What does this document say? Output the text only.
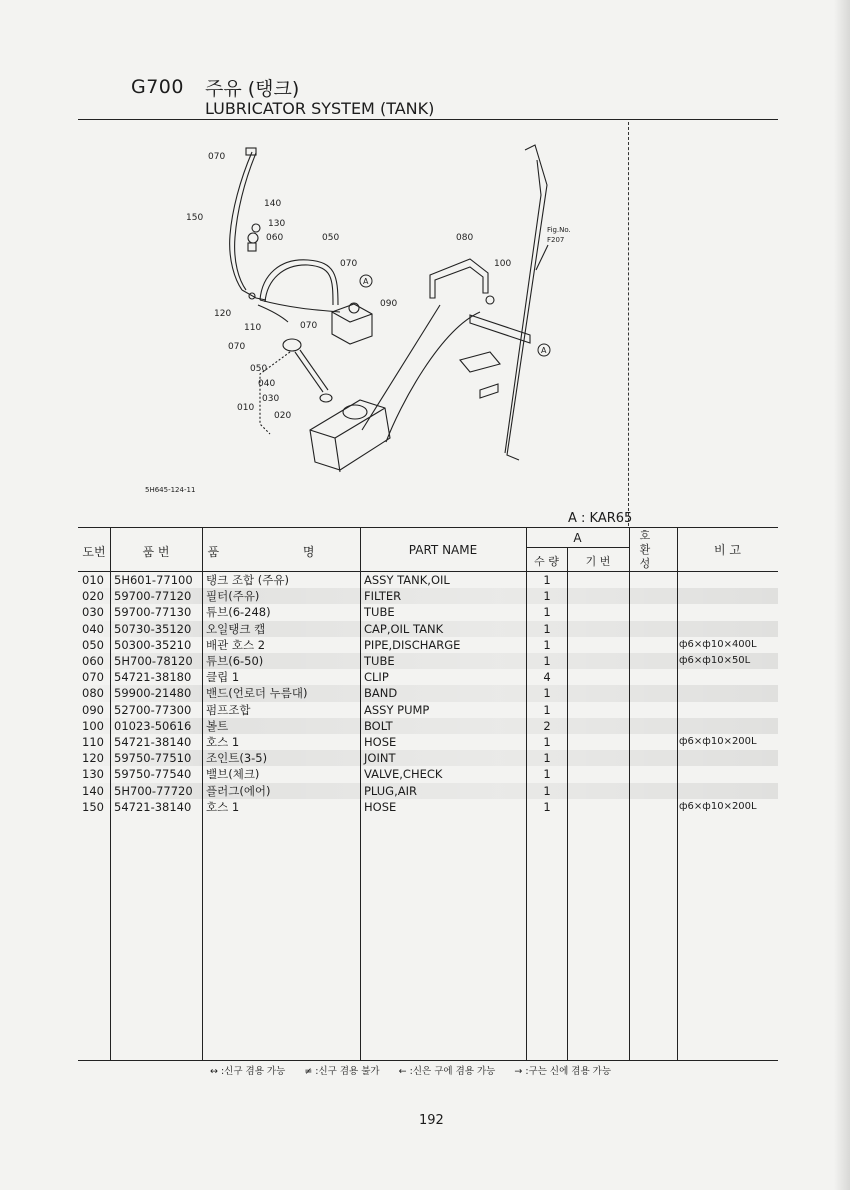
G700 주유 (탱크)
LUBRICATOR SYSTEM (TANK)
070
140
150
130
060	050	080
070	100
090
120
110	070
070
050
040
030
010
020
Fig.No.
F207
A
A
5H645-124-11
A : KAR65
도번	품 번	품 명	PART NAME
A
수 량	기 번
호환성
비 고
010 5H601-77100 탱크 조합 (주유)	ASSY TANK,OIL	1
020 59700-77120 필터(주유)	FILTER	1
030 59700-77130 튜브(6-248)	TUBE	1
040 50730-35120 오일탱크 캡	CAP,OIL TANK	1
050 50300-35210 배관 호스 2	PIPE,DISCHARGE	1	ф6×ф10×400L
060 5H700-78120 튜브(6-50)	TUBE	1	ф6×ф10×50L
070 54721-38180 클립 1	CLIP	4
080 59900-21480 밴드(언로더 누름대)	BAND	1
090 52700-77300 펌프조합	ASSY PUMP	1
100 01023-50616 볼트	BOLT	2
110 54721-38140 호스 1	HOSE	1	ф6×ф10×200L
120 59750-77510 조인트(3-5)	JOINT	1
130 59750-77540 밸브(체크)	VALVE,CHECK	1
140 5H700-77720 플러그(에어)	PLUG,AIR	1
150 54721-38140 호스 1	HOSE	1	ф6×ф10×200L
↔ :신구 겸용 가능 ≠ :신구 겸용 불가 ← :신은 구에 겸용 가능 → :구는 신에 겸용 가능
192
